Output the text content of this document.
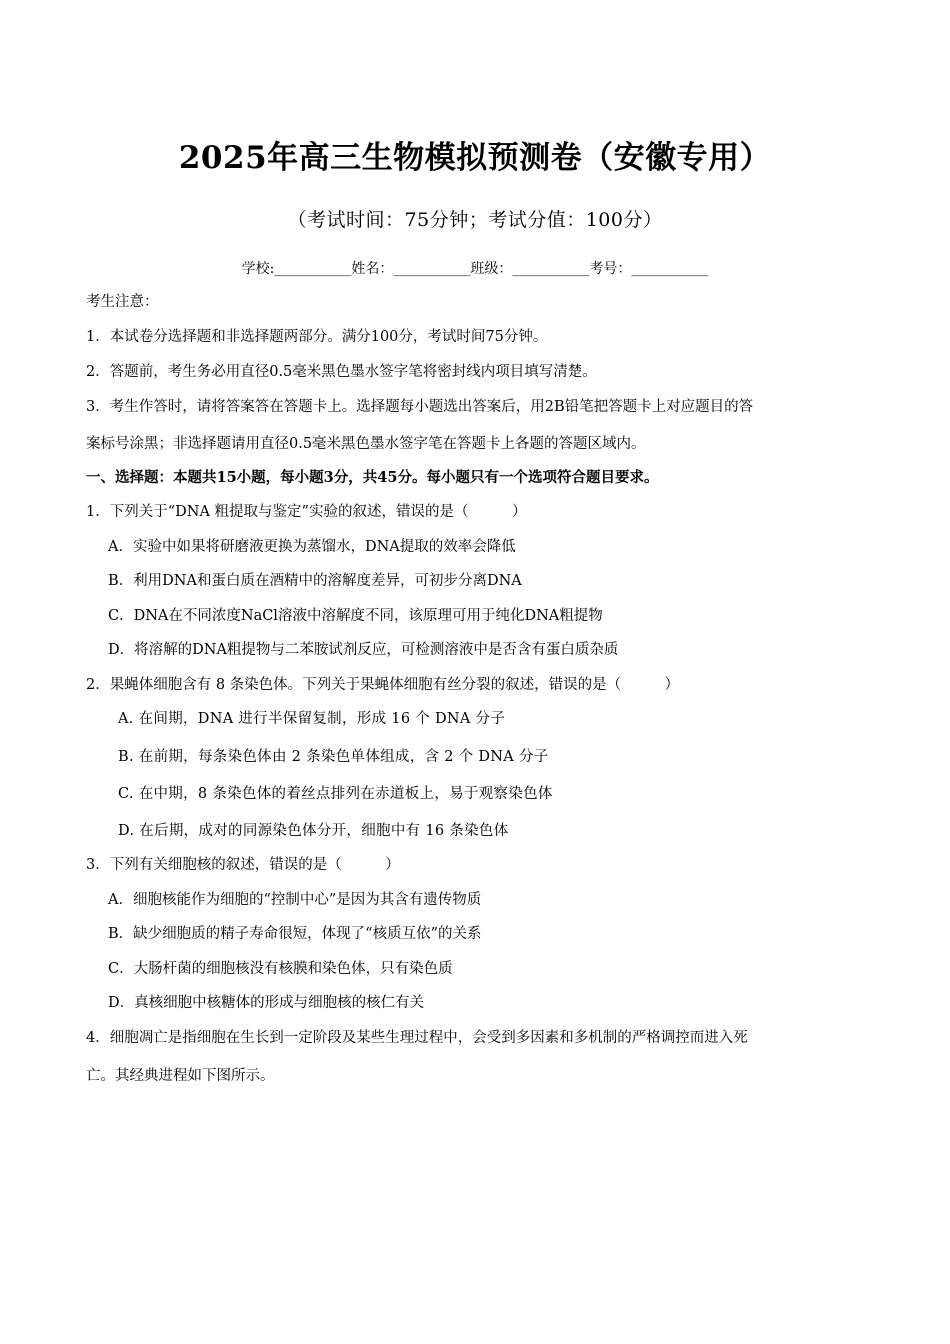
2025年高三生物模拟预测卷（安徽专用）
（考试时间：75分钟；考试分值：100分）
学校:___________姓名：___________班级：___________考号：___________
考生注意：
1．本试卷分选择题和非选择题两部分。满分100分，考试时间75分钟。
2．答题前，考生务必用直径0.5毫米黑色墨水签字笔将密封线内项目填写清楚。
3．考生作答时，请将答案答在答题卡上。选择题每小题选出答案后，用2B铅笔把答题卡上对应题目的答
案标号涂黑；非选择题请用直径0.5毫米黑色墨水签字笔在答题卡上各题的答题区域内。
一、选择题：本题共15小题，每小题3分，共45分。每小题只有一个选项符合题目要求。
1．下列关于“DNA 粗提取与鉴定”实验的叙述，错误的是（　　　）
A．实验中如果将研磨液更换为蒸馏水，DNA提取的效率会降低
B．利用DNA和蛋白质在酒精中的溶解度差异，可初步分离DNA
C．DNA在不同浓度NaCl溶液中溶解度不同，该原理可用于纯化DNA粗提物
D．将溶解的DNA粗提物与二苯胺试剂反应，可检测溶液中是否含有蛋白质杂质
2．果蝇体细胞含有 8 条染色体。下列关于果蝇体细胞有丝分裂的叙述，错误的是（　　　）
A. 在间期，DNA 进行半保留复制，形成 16 个 DNA 分子
B. 在前期，每条染色体由 2 条染色单体组成，含 2 个 DNA 分子
C. 在中期，8 条染色体的着丝点排列在赤道板上，易于观察染色体
D. 在后期，成对的同源染色体分开，细胞中有 16 条染色体
3．下列有关细胞核的叙述，错误的是（　　　）
A．细胞核能作为细胞的“控制中心”是因为其含有遗传物质
B．缺少细胞质的精子寿命很短，体现了“核质互依”的关系
C．大肠杆菌的细胞核没有核膜和染色体，只有染色质
D．真核细胞中核糖体的形成与细胞核的核仁有关
4．细胞凋亡是指细胞在生长到一定阶段及某些生理过程中，会受到多因素和多机制的严格调控而进入死
亡。其经典进程如下图所示。
